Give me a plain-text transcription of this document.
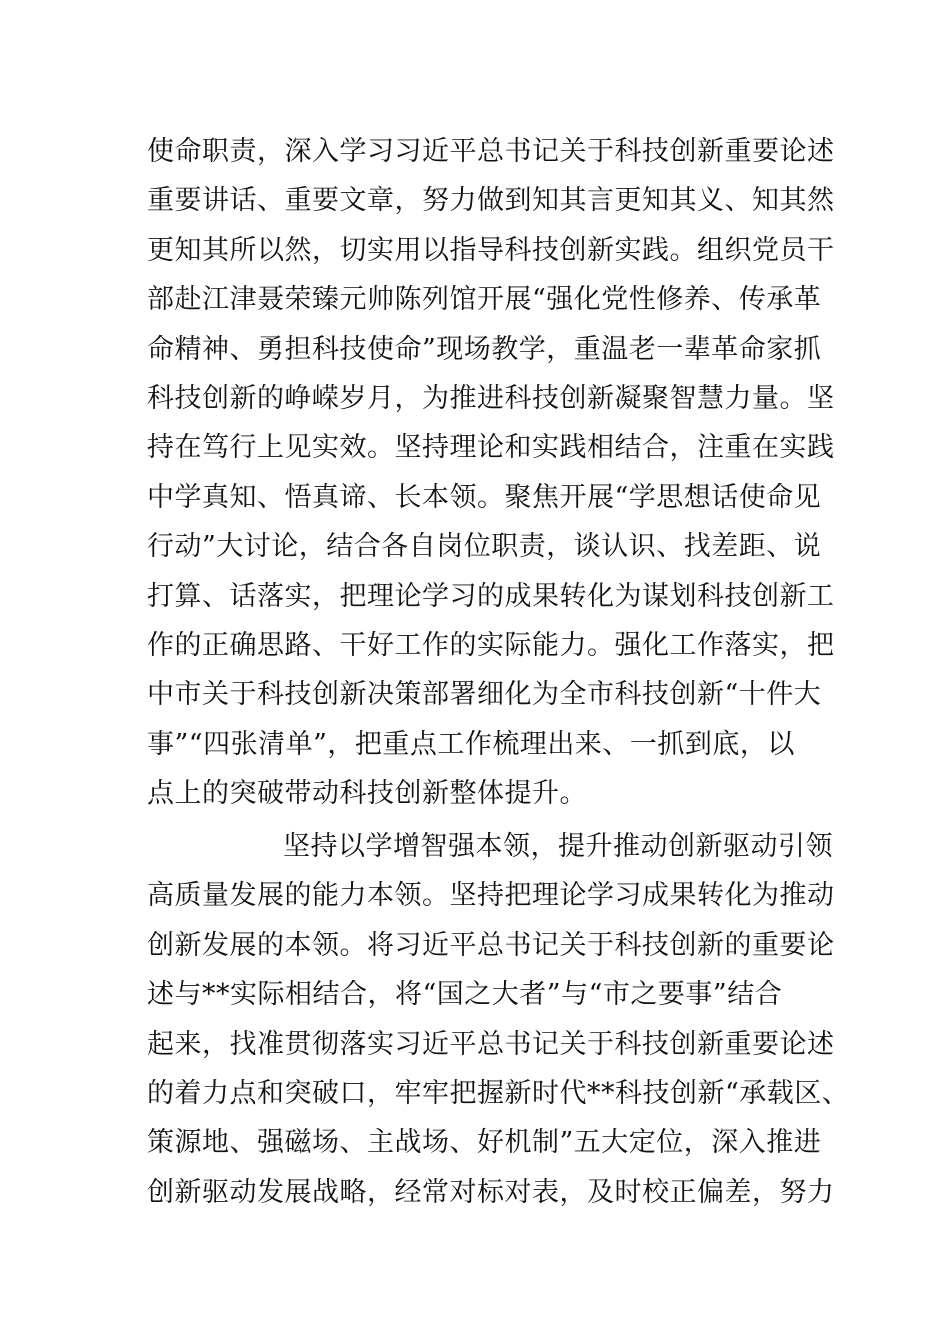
使命职责，深入学习习近平总书记关于科技创新重要论述
重要讲话、重要文章，努力做到知其言更知其义、知其然
更知其所以然，切实用以指导科技创新实践。组织党员干
部赴江津聂荣臻元帅陈列馆开展“强化党性修养、传承革
命精神、勇担科技使命”现场教学，重温老一辈革命家抓
科技创新的峥嵘岁月，为推进科技创新凝聚智慧力量。坚
持在笃行上见实效。坚持理论和实践相结合，注重在实践
中学真知、悟真谛、长本领。聚焦开展“学思想话使命见
行动”大讨论，结合各自岗位职责，谈认识、找差距、说
打算、话落实，把理论学习的成果转化为谋划科技创新工
作的正确思路、干好工作的实际能力。强化工作落实，把
中市关于科技创新决策部署细化为全市科技创新“十件大
事”“四张清单”，把重点工作梳理出来、一抓到底，以
点上的突破带动科技创新整体提升。
坚持以学增智强本领，提升推动创新驱动引领
高质量发展的能力本领。坚持把理论学习成果转化为推动
创新发展的本领。将习近平总书记关于科技创新的重要论
述与**实际相结合，将“国之大者”与“市之要事”结合
起来，找准贯彻落实习近平总书记关于科技创新重要论述
的着力点和突破口，牢牢把握新时代**科技创新“承载区、
策源地、强磁场、主战场、好机制”五大定位，深入推进
创新驱动发展战略，经常对标对表，及时校正偏差，努力
